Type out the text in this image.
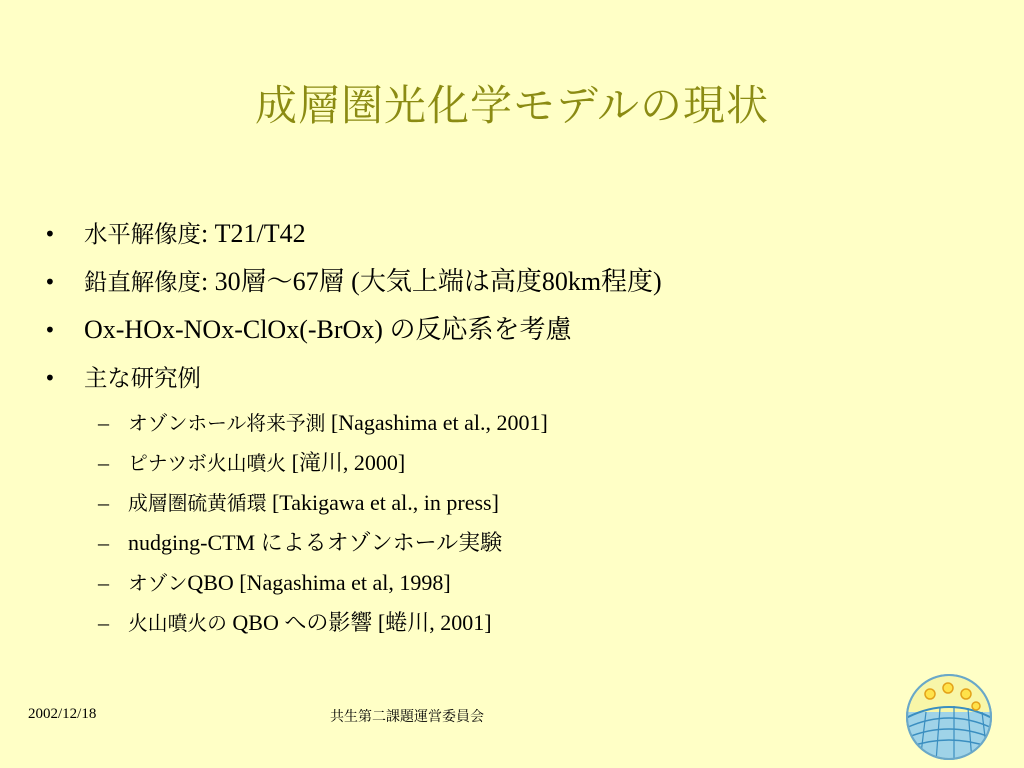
成層圏光化学モデルの現状
• 水平解像度: T21/T42
• 鉛直解像度: 30層～67層 (大気上端は高度80km程度)
• Ox-HOx-NOx-ClOx(-BrOx) の反応系を考慮
• 主な研究例
– オゾンホール将来予測 [Nagashima et al., 2001]
– ピナツボ火山噴火 [滝川, 2000]
– 成層圏硫黄循環 [Takigawa et al., in press]
– nudging-CTM によるオゾンホール実験
– オゾンQBO [Nagashima et al, 1998]
– 火山噴火の QBO への影響 [蜷川, 2001]
2002/12/18	共生第二課題運営委員会
